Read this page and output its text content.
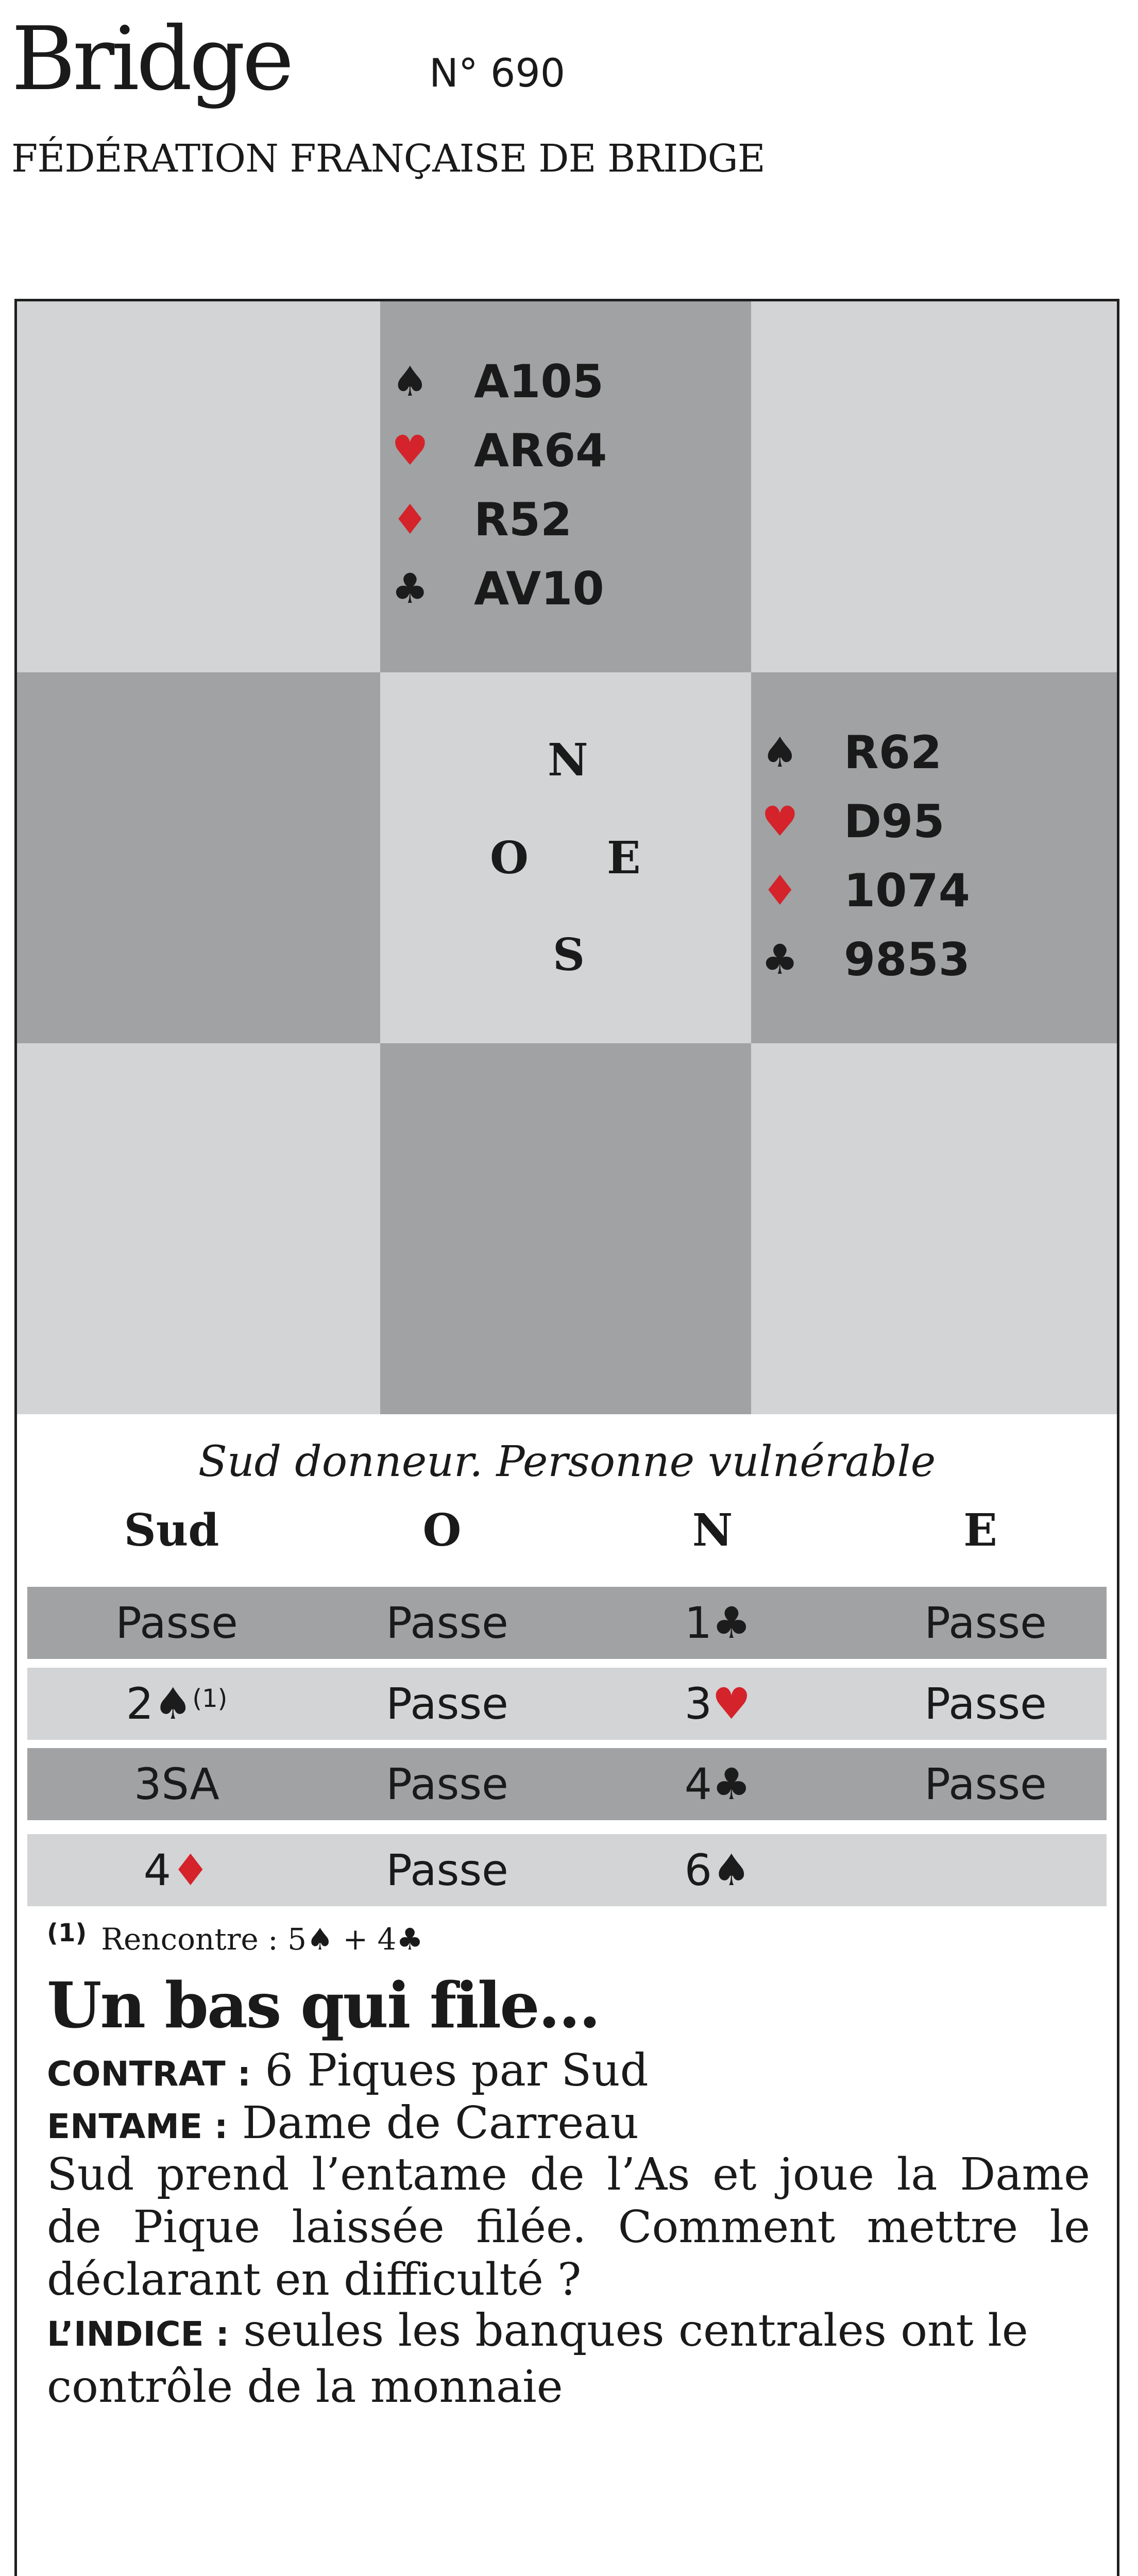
Bridge	N° 690
FÉDÉRATION FRANÇAISE DE BRIDGE
♠	A105
♥	AR64
♦	R52
♣	AV10
N
O E
S
♠	R62
♥	D95
♦	1074
♣	9853
Sud donneur. Personne vulnérable
Sud	O	N	E
Passe	Passe	1♣	Passe
2♠$^{(1)}$	Passe	3♥	Passe
3SA	Passe	4♣	Passe
4♦	Passe	6♠
$^{(1)}$ Rencontre : 5♠ + 4♣
Un bas qui file...
CONTRAT : 6 Piques par Sud
ENTAME : Dame de Carreau
Sud prend l’entame de l’As et joue la Dame de Pique laissée filée. Comment mettre le déclarant en difficulté ?
L’INDICE : seules les banques centrales ont le contrôle de la monnaie
